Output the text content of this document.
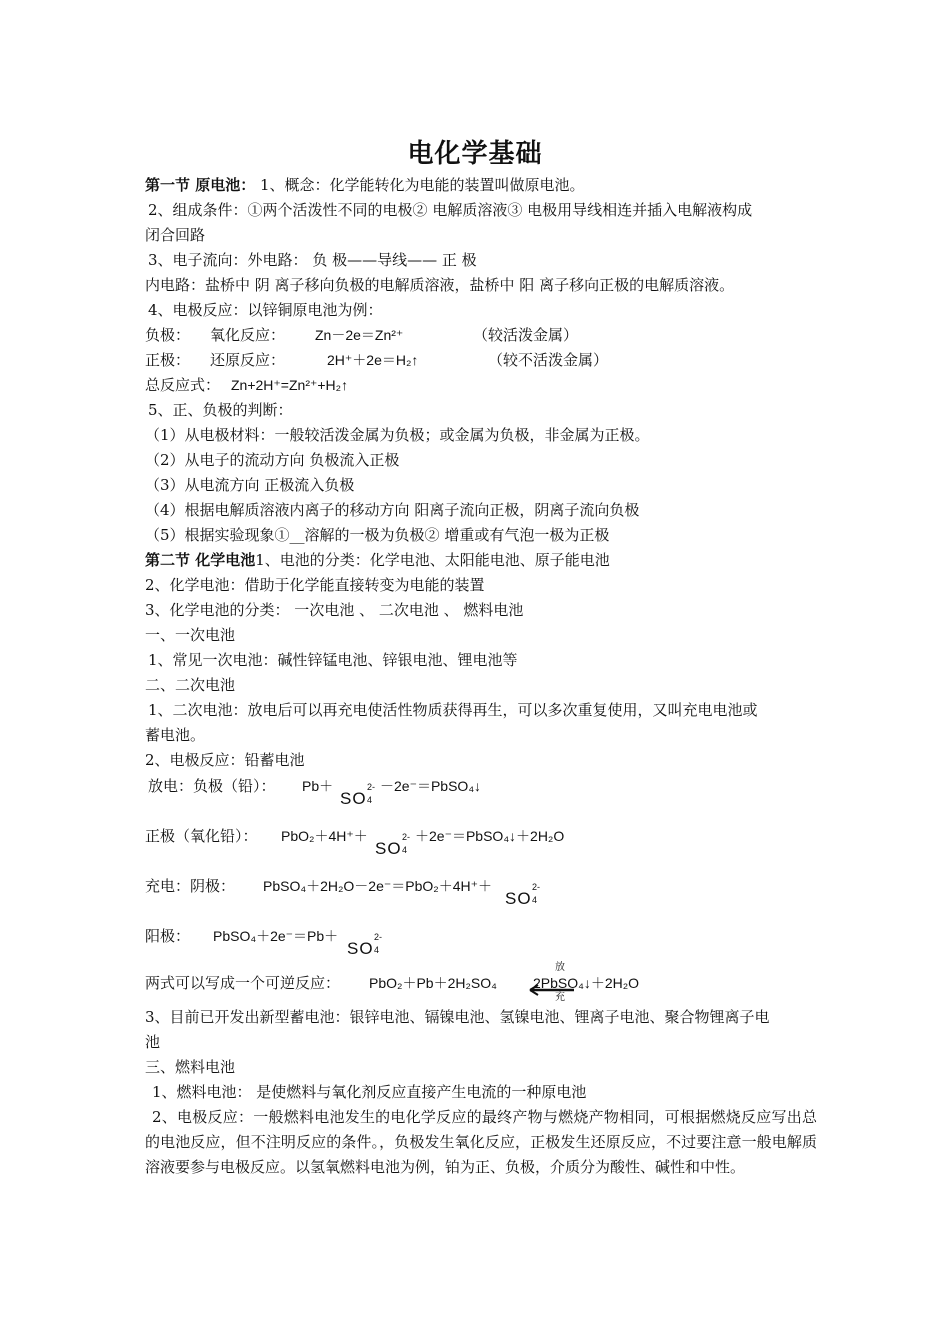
电化学基础
第一节 原电池： 1、概念：化学能转化为电能的装置叫做原电池。
2、组成条件：①两个活泼性不同的电极② 电解质溶液③ 电极用导线相连并插入电解液构成
闭合回路
3、电子流向：外电路： 负 极——导线—— 正 极
内电路：盐桥中 阴 离子移向负极的电解质溶液，盐桥中 阳 离子移向正极的电解质溶液。
4、电极反应：以锌铜原电池为例：
负极： 氧化反应： Zn－2e＝Zn²⁺	（较活泼金属）
正极： 还原反应：	2H⁺＋2e＝H₂↑	（较不活泼金属）
总反应式： Zn+2H⁺=Zn²⁺+H₂↑
5、正、负极的判断：
（1）从电极材料：一般较活泼金属为负极；或金属为负极，非金属为正极。
（2）从电子的流动方向 负极流入正极
（3）从电流方向 正极流入负极
（4）根据电解质溶液内离子的移动方向 阳离子流向正极，阴离子流向负极
（5）根据实验现象①__溶解的一极为负极② 增重或有气泡一极为正极
第二节 化学电池1、电池的分类：化学电池、太阳能电池、原子能电池
2、化学电池：借助于化学能直接转变为电能的装置
3、化学电池的分类： 一次电池 、 二次电池 、 燃料电池
一、一次电池
1、常见一次电池：碱性锌锰电池、锌银电池、锂电池等
二、二次电池
1、二次电池：放电后可以再充电使活性物质获得再生，可以多次重复使用，又叫充电电池或
蓄电池。
2、电极反应：铅蓄电池
放电：负极（铅）： Pb＋
SO
2-
4
－2e⁻＝PbSO₄↓
正极（氧化铅）： PbO₂＋4H⁺＋
SO
2-
4
＋2e⁻＝PbSO₄↓＋2H₂O
充电：阴极： PbSO₄＋2H₂O－2e⁻＝PbO₂＋4H⁺＋
SO
2-
4
阳极： PbSO₄＋2e⁻＝Pb＋
SO
2-
4
两式可以写成一个可逆反应： PbO₂＋Pb＋2H₂SO₄
放
充
2PbSO₄↓＋2H₂O
3、目前已开发出新型蓄电池：银锌电池、镉镍电池、氢镍电池、锂离子电池、聚合物锂离子电
池
三、燃料电池
1、燃料电池： 是使燃料与氧化剂反应直接产生电流的一种原电池
2、电极反应：一般燃料电池发生的电化学反应的最终产物与燃烧产物相同，可根据燃烧反应写出总的电池反应，但不注明反应的条件。，负极发生氧化反应，正极发生还原反应，不过要注意一般电解质溶液要参与电极反应。以氢氧燃料电池为例，铂为正、负极，介质分为酸性、碱性和中性。
